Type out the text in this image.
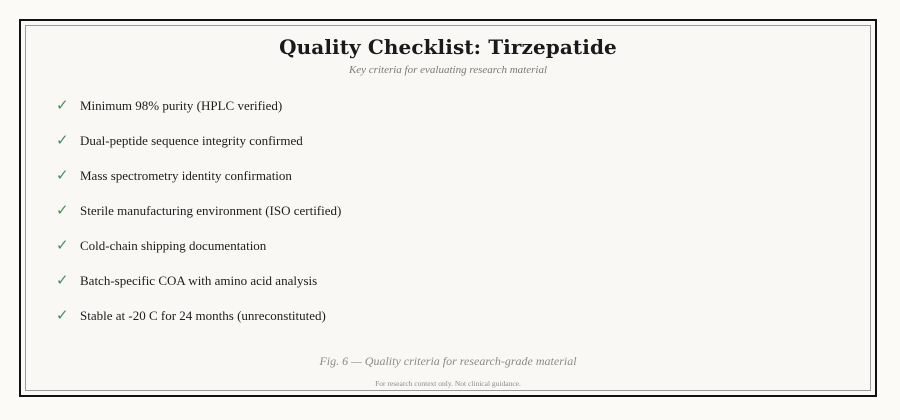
Quality Checklist: Tirzepatide
Key criteria for evaluating research material
✓ Minimum 98% purity (HPLC verified)
✓ Dual-peptide sequence integrity confirmed
✓ Mass spectrometry identity confirmation
✓ Sterile manufacturing environment (ISO certified)
✓ Cold-chain shipping documentation
✓ Batch-specific COA with amino acid analysis
✓ Stable at -20 C for 24 months (unreconstituted)
Fig. 6 — Quality criteria for research-grade material
For research context only. Not clinical guidance.
